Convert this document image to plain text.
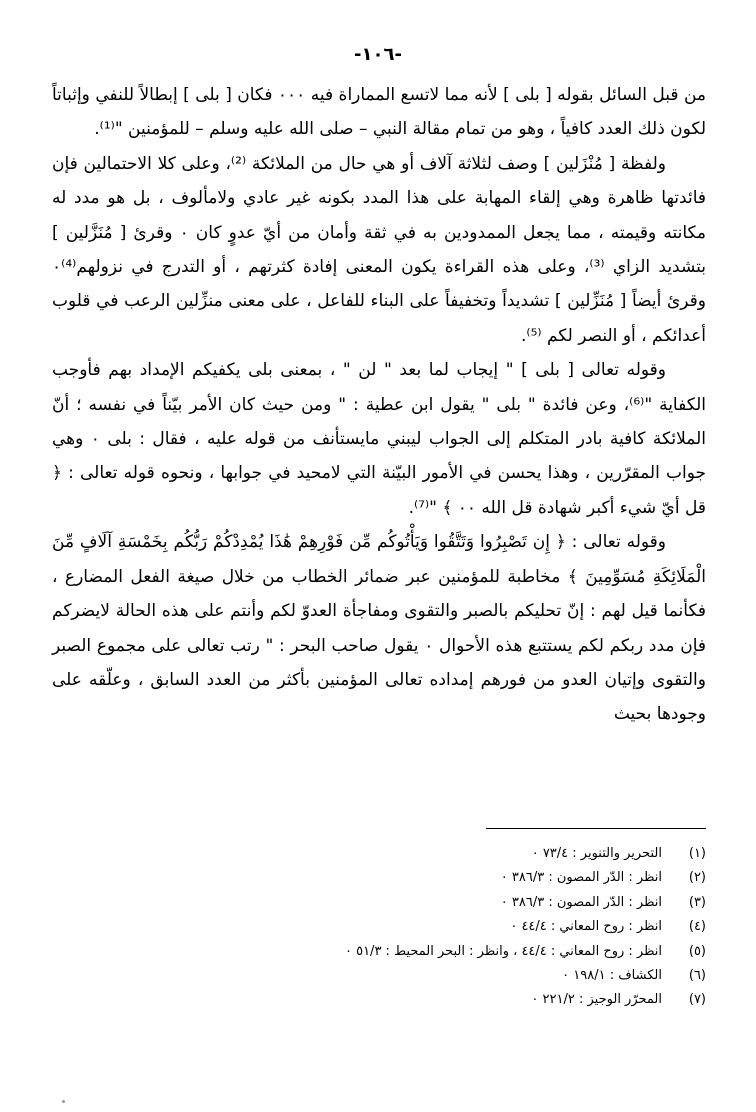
-١٠٦-

من قبل السائل بقوله [ بلى ] لأنه مما لاتسع المماراة فيه ٠٠٠ فكان [ بلى ] إبطالاً للنفي وإثباتاً لكون ذلك العدد كافياً ، وهو من تمام مقالة النبي – صلى الله عليه وسلم – للمؤمنين "⁽¹⁾.

ولفظة [ مُنْزَلين ] وصف لثلاثة آلاف أو هي حال من الملائكة ⁽²⁾، وعلى كلا الاحتمالين فإن فائدتها ظاهرة وهي إلقاء المهابة على هذا المدد بكونه غير عادي ولامألوف ، بل هو مدد له مكانته وقيمته ، مما يجعل الممدودين به في ثقة وأمان من أيّ عدوٍ كان ٠ وقرئ [ مُنَزَّلين ] بتشديد الزاي ⁽³⁾، وعلى هذه القراءة يكون المعنى إفادة كثرتهم ، أو التدرج في نزولهم⁽⁴⁾٠ وقرئ أيضاً [ مُنَزِّلين ] تشديداً وتخفيفاً على البناء للفاعل ، على معنى منزِّلين الرعب في قلوب أعدائكم ، أو النصر لكم ⁽⁵⁾.

وقوله تعالى [ بلى ] " إيجاب لما بعد " لن " ، بمعنى بلى يكفيكم الإمداد بهم فأوجب الكفاية "⁽⁶⁾، وعن فائدة " بلى " يقول ابن عطية : " ومن حيث كان الأمر بيّناً في نفسه ؛ أنّ الملائكة كافية بادر المتكلم إلى الجواب ليبني مايستأنف من قوله عليه ، فقال : بلى ٠ وهي جواب المقرّرين ، وهذا يحسن في الأمور البيّنة التي لامحيد في جوابها ، ونحوه قوله تعالى : ﴿ قل أيّ شيء أكبر شهادة قل الله ٠٠ ﴾ "⁽⁷⁾.

وقوله تعالى : ﴿ إِن تَصْبِرُوا وَتَتَّقُوا وَيَأْتُوكُم مِّن فَوْرِهِمْ هَٰذَا يُمْدِدْكُمْ رَبُّكُم بِخَمْسَةِ آلَافٍ مِّنَ الْمَلَائِكَةِ مُسَوِّمِينَ ﴾ مخاطبة للمؤمنين عبر ضمائر الخطاب من خلال صيغة الفعل المضارع ، فكأنما قيل لهم : إنّ تحليكم بالصبر والتقوى ومفاجأة العدوّ لكم وأنتم على هذه الحالة لايضركم فإن مدد ربكم لكم يستتبع هذه الأحوال ٠ يقول صاحب البحر : " رتب تعالى على مجموع الصبر والتقوى وإتيان العدو من فورهم إمداده تعالى المؤمنين بأكثر من العدد السابق ، وعلّقه على وجودها بحيث

(١)
التحرير والتنوير : ٧٣/٤ ٠
(٢)
انظر : الدّر المصون : ٣٨٦/٣ ٠
(٣)
انظر : الدّر المصون : ٣٨٦/٣ ٠
(٤)
انظر : روح المعاني : ٤٤/٤ ٠
(٥)
انظر : روح المعاني : ٤٤/٤ ، وانظر : البحر المحيط : ٥١/٣ ٠
(٦)
الكشاف : ١٩٨/١ ٠
(٧)
المحرّر الوجيز : ٢٢١/٢ ٠
